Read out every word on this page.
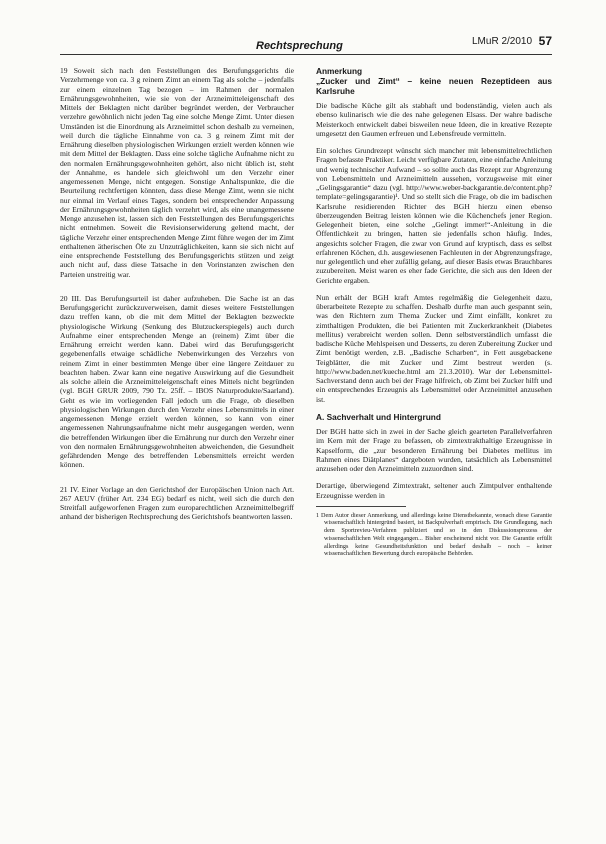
Rechtsprechung	LMuR 2/2010 57

19 Soweit sich nach den Feststellungen des Berufungsgerichts die Verzehrmenge von ca. 3 g reinem Zimt an einem Tag als solche – jedenfalls zur einem einzelnen Tag bezogen – im Rahmen der normalen Ernährungsgewohnheiten, wie sie von der Arzneimitteleigenschaft des Mittels der Beklagten nicht darüber begründet werden, der Verbraucher verzehre gewöhnlich nicht jeden Tag eine solche Menge Zimt. Unter diesen Umständen ist die Einordnung als Arzneimittel schon deshalb zu verneinen, weil durch die tägliche Einnahme von ca. 3 g reinem Zimt mit der Ernährung dieselben physiologischen Wirkungen erzielt werden können wie mit dem Mittel der Beklagten. Dass eine solche tägliche Aufnahme nicht zu den normalen Ernährungsgewohnheiten gehört, also nicht üblich ist, steht der Annahme, es handele sich gleichwohl um den Verzehr einer angemessenen Menge, nicht entgegen. Sonstige Anhaltspunkte, die die Beurteilung rechtfertigen könnten, dass diese Menge Zimt, wenn sie nicht nur einmal im Verlauf eines Tages, sondern bei entsprechender Anpassung der Ernährungsgewohnheiten täglich verzehrt wird, als eine unangemessene Menge anzusehen ist, lassen sich den Feststellungen des Berufungsgerichts nicht entnehmen. Soweit die Revisionserwiderung geltend macht, der tägliche Verzehr einer entsprechenden Menge Zimt führe wegen der im Zimt enthaltenen ätherischen Öle zu Unzuträglichkeiten, kann sie sich nicht auf eine entsprechende Feststellung des Berufungsgerichts stützen und zeigt auch nicht auf, dass diese Tatsache in den Vorinstanzen zwischen den Parteien unstreitig war.

20 III. Das Berufungsurteil ist daher aufzuheben. Die Sache ist an das Berufungsgericht zurückzuverweisen, damit dieses weitere Feststellungen dazu treffen kann, ob die mit dem Mittel der Beklagten bezweckte physiologische Wirkung (Senkung des Blutzuckerspiegels) auch durch Aufnahme einer entsprechenden Menge an (reinem) Zimt über die Ernährung erreicht werden kann. Dabei wird das Berufungsgericht gegebenenfalls etwaige schädliche Nebenwirkungen des Verzehrs von reinem Zimt in einer bestimmten Menge über eine längere Zeitdauer zu beachten haben. Zwar kann eine negative Auswirkung auf die Gesundheit als solche allein die Arzneimitteleigenschaft eines Mittels nicht begründen (vgl. BGH GRUR 2009, 790 Tz. 25ff. – IBOS Naturprodukte/Saarland). Geht es wie im vorliegenden Fall jedoch um die Frage, ob dieselben physiologischen Wirkungen durch den Verzehr eines Lebensmittels in einer angemessenen Menge erzielt werden können, so kann von einer angemessenen Nahrungsaufnahme nicht mehr ausgegangen werden, wenn die betreffenden Wirkungen über die Ernährung nur durch den Verzehr einer von den normalen Ernährungsgewohnheiten abweichenden, die Gesundheit gefährdenden Menge des betreffenden Lebensmittels erreicht werden können.

21 IV. Einer Vorlage an den Gerichtshof der Europäischen Union nach Art. 267 AEUV (früher Art. 234 EG) bedarf es nicht, weil sich die durch den Streitfall aufgeworfenen Fragen zum europarechtlichen Arzneimittelbegriff anhand der bisherigen Rechtsprechung des Gerichtshofs beantworten lassen.

Anmerkung
„Zucker und Zimt“ – keine neuen Rezeptideen aus Karlsruhe

Die badische Küche gilt als stabhaft und bodenständig, vielen auch als ebenso kulinarisch wie die des nahe gelegenen Elsass. Der wahre badische Meisterkoch entwickelt dabei bisweilen neue Ideen, die in kreative Rezepte umgesetzt den Gaumen erfreuen und Lebensfreude vermitteln.

Ein solches Grundrezept wünscht sich mancher mit lebensmittelrechtlichen Fragen befasste Praktiker. Leicht verfügbare Zutaten, eine einfache Anleitung und wenig technischer Aufwand – so sollte auch das Rezept zur Abgrenzung von Lebensmitteln und Arzneimitteln aussehen, vorzugsweise mit einer „Gelingsgarantie“ dazu (vgl. http://www.weber-backgarantie.de/content.php?template=gelingsgarantie)¹. Und so stellt sich die Frage, ob die im badischen Karlsruhe residierenden Richter des BGH hierzu einen ebenso überzeugenden Beitrag leisten können wie die Küchenchefs jener Region. Gelegenheit bieten, eine solche „Gelingt immer!“-Anleitung in die Öffentlichkeit zu bringen, hatten sie jedenfalls schon häufig. Indes, angesichts solcher Fragen, die zwar von Grund auf kryptisch, dass es selbst erfahrenen Köchen, d.h. ausgewiesenen Fachleuten in der Abgrenzungsfrage, nur gelegentlich und eher zufällig gelang, auf dieser Basis etwas Brauchbares zuzubereiten. Meist waren es eher fade Gerichte, die sich aus den Ideen der Gerichte ergaben.

Nun erhält der BGH kraft Amtes regelmäßig die Gelegenheit dazu, überarbeitete Rezepte zu schaffen. Deshalb durfte man auch gespannt sein, was den Richtern zum Thema Zucker und Zimt einfällt, konkret zu zimthaltigen Produkten, die bei Patienten mit Zuckerkrankheit (Diabetes mellitus) verabreicht werden sollen. Denn selbstverständlich umfasst die badische Küche Mehlspeisen und Desserts, zu deren Zubereitung Zucker und Zimt benötigt werden, z.B. „Badische Scharben“, in Fett ausgebackene Teigblätter, die mit Zucker und Zimt bestreut werden (s. http://www.baden.net/kueche.html am 21.3.2010). War der Lebensmittel-Sachverstand denn auch bei der Frage hilfreich, ob Zimt bei Zucker hilft und ein entsprechendes Erzeugnis als Lebensmittel oder Arzneimittel anzusehen ist.

A. Sachverhalt und Hintergrund

Der BGH hatte sich in zwei in der Sache gleich gearteten Parallelverfahren im Kern mit der Frage zu befassen, ob zimtextrakthaltige Erzeugnisse in Kapselform, die „zur besonderen Ernährung bei Diabetes mellitus im Rahmen eines Diätplanes“ dargeboten wurden, tatsächlich als Lebensmittel anzusehen oder den Arzneimitteln zuzuordnen sind.

Derartige, überwiegend Zimtextrakt, seltener auch Zimtpulver enthaltende Erzeugnisse werden in

1 Dem Autor dieser Anmerkung, und allerdings keine Dienstbekannte, wonach diese Garantie wissenschaftlich hintergründ basiert, ist Backpulverhaft empirisch. Die Grundlegung, nach dem Sportrevieu-Verfahren publiziert und so in den Diskussionsprozess der wissenschaftlichen Welt eingegangen... Bisher erscheinend nicht vor. Die Garantie erfüllt allerdings keine Gesundheitsfunktion und bedarf deshalb – noch – keiner wissenschaftlichen Bewertung durch europäische Behörden.
